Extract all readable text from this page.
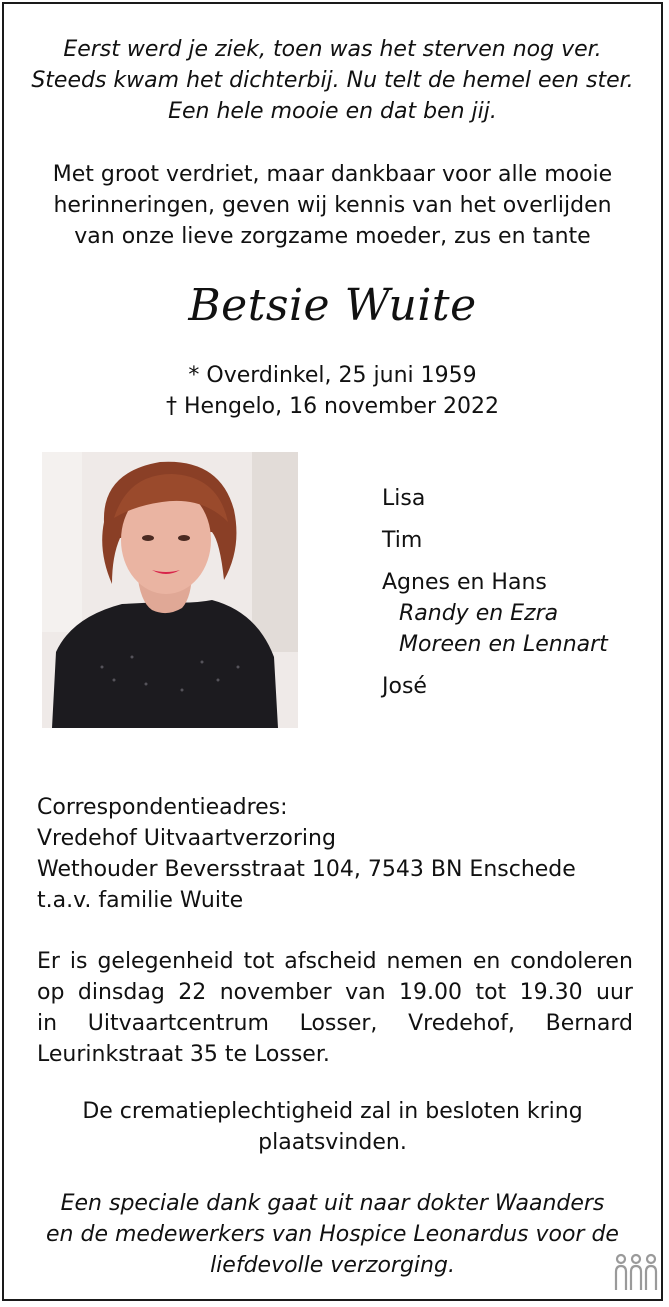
Eerst werd je ziek, toen was het sterven nog ver.
Steeds kwam het dichterbij. Nu telt de hemel een ster.
Een hele mooie en dat ben jij.
Met groot verdriet, maar dankbaar voor alle mooie
herinneringen, geven wij kennis van het overlijden
van onze lieve zorgzame moeder, zus en tante
Betsie Wuite
* Overdinkel, 25 juni 1959
† Hengelo, 16 november 2022
Lisa
Tim
Agnes en Hans
Randy en Ezra
Moreen en Lennart
José
Correspondentieadres:
Vredehof Uitvaartverzoring
Wethouder Beversstraat 104, 7543 BN Enschede
t.a.v. familie Wuite
Er is gelegenheid tot afscheid nemen en condoleren
op dinsdag 22 november van 19.00 tot 19.30 uur
in Uitvaartcentrum Losser, Vredehof, Bernard
Leurinkstraat 35 te Losser.
De crematieplechtigheid zal in besloten kring
plaatsvinden.
Een speciale dank gaat uit naar dokter Waanders
en de medewerkers van Hospice Leonardus voor de
liefdevolle verzorging.
